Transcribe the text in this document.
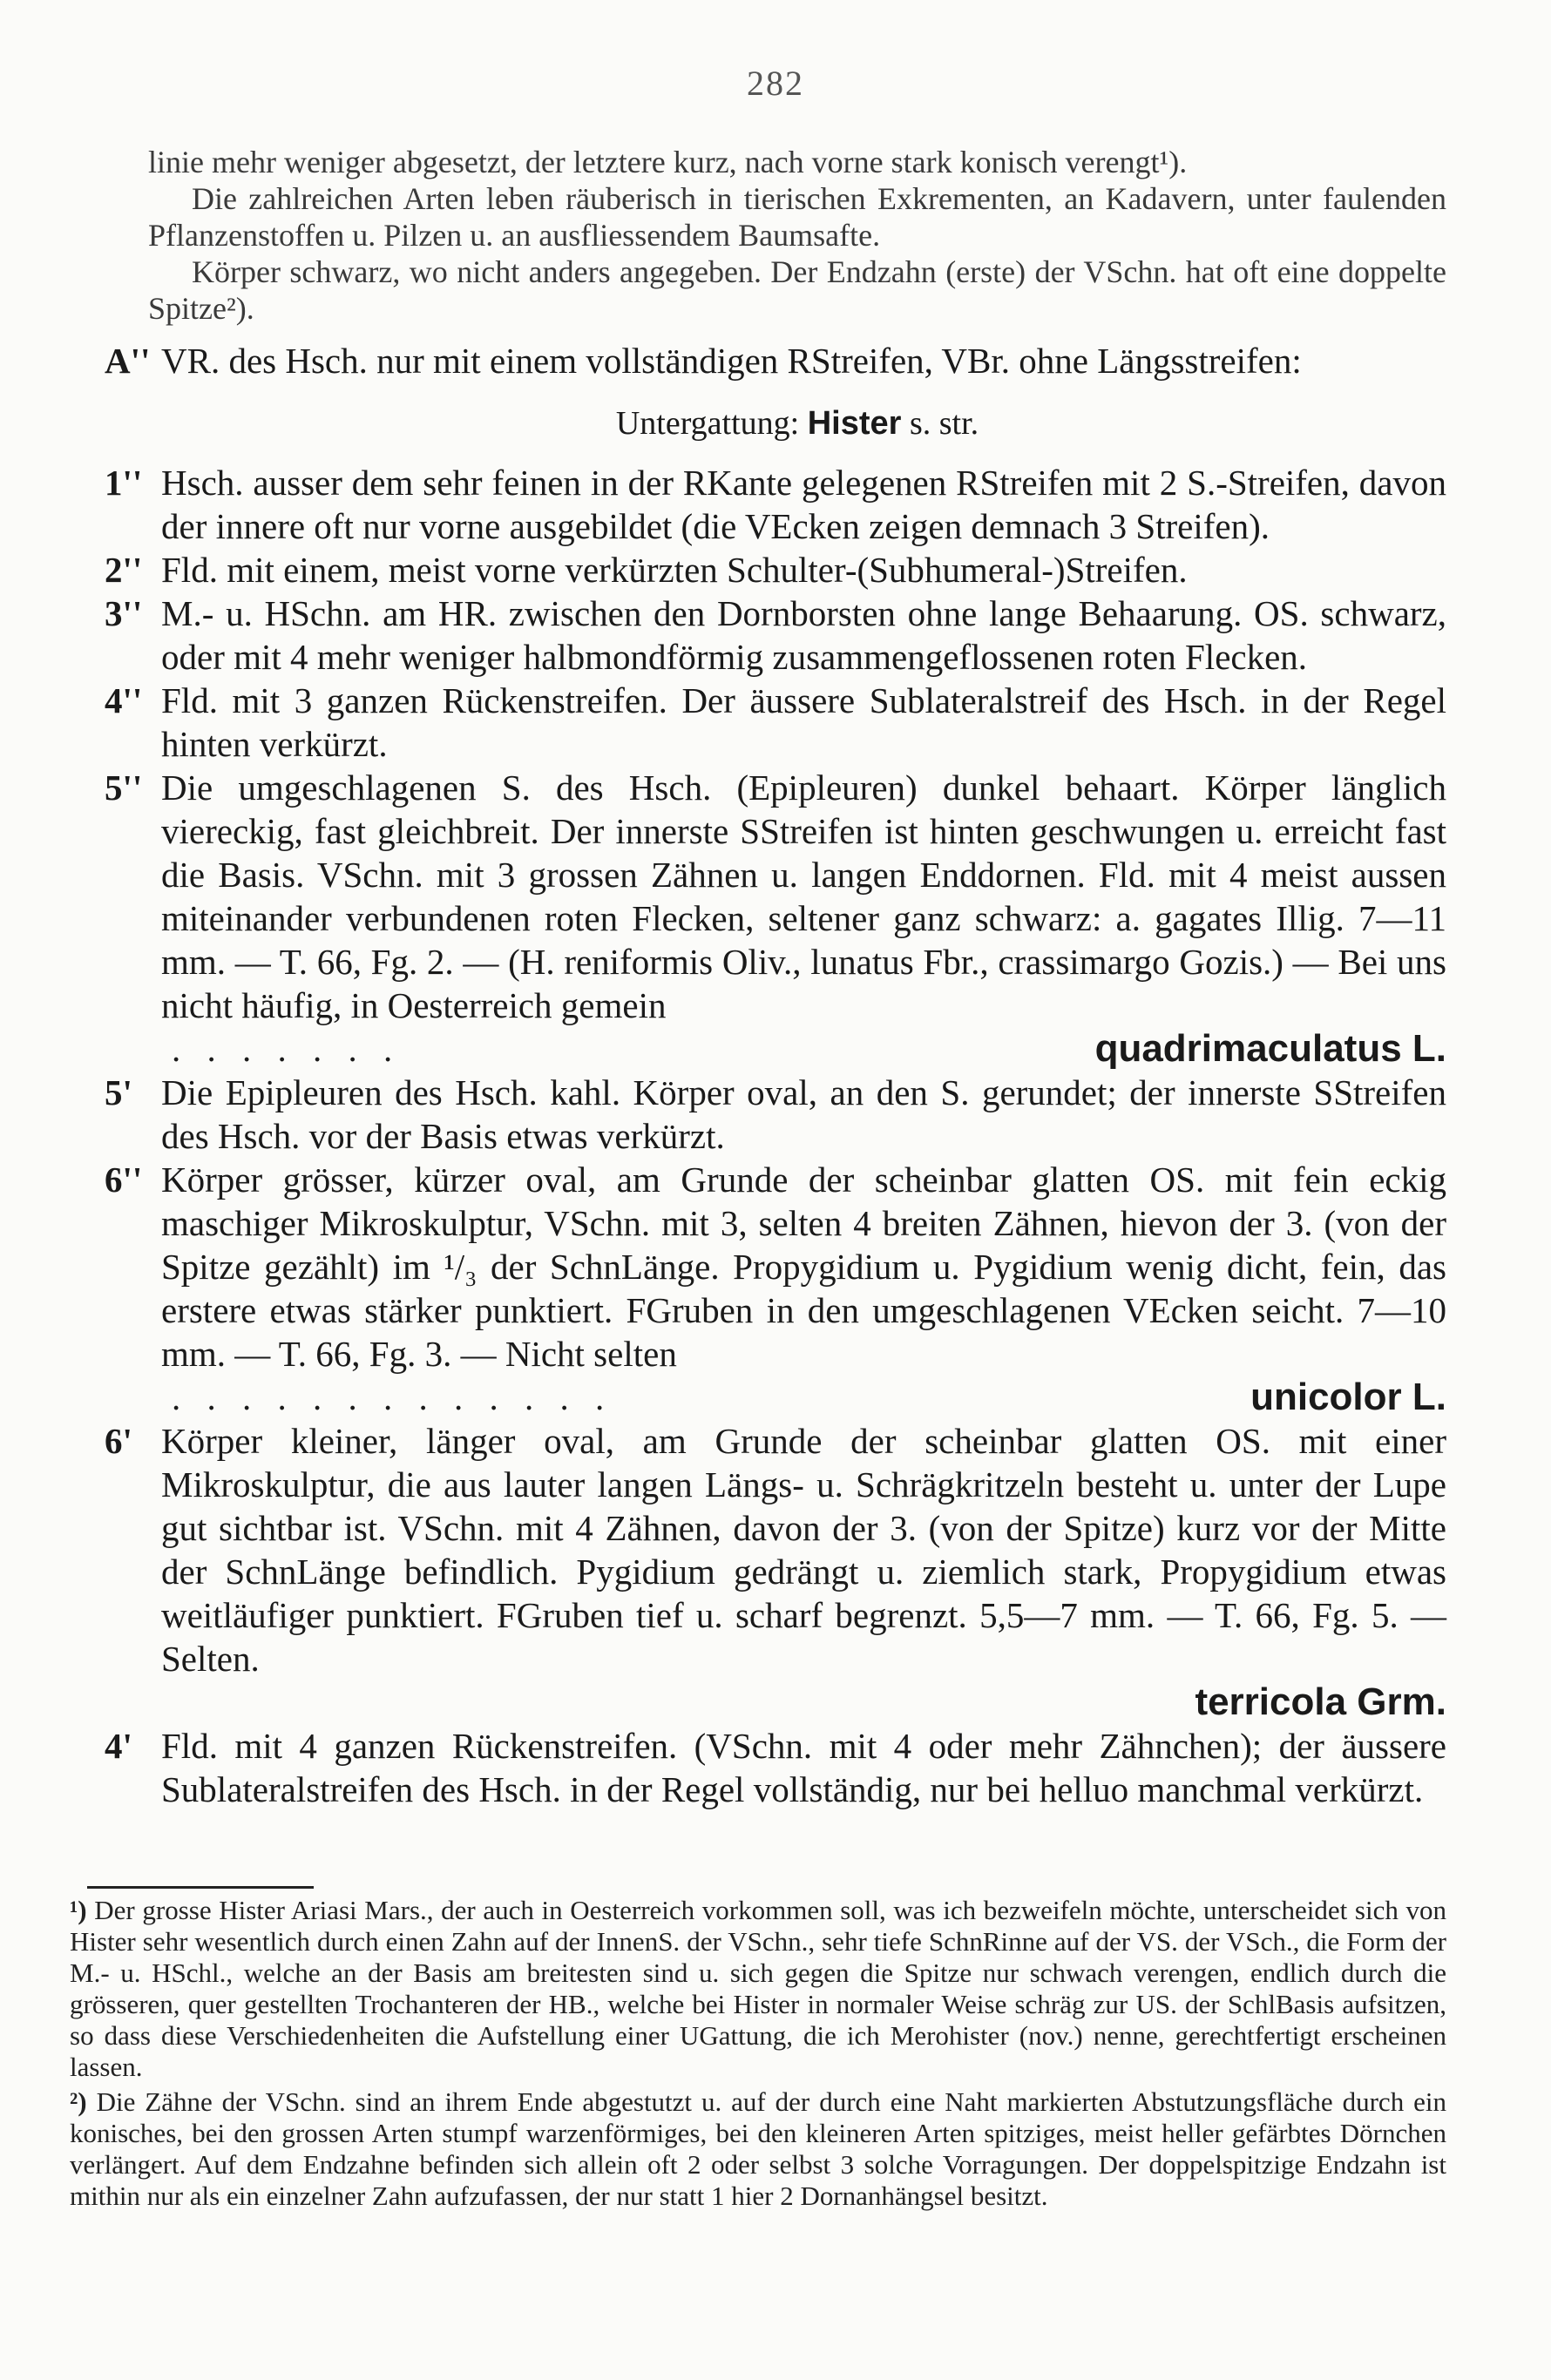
282

linie mehr weniger abgesetzt, der letztere kurz, nach vorne stark konisch verengt¹).

Die zahlreichen Arten leben räuberisch in tierischen Exkrementen, an Kadavern, unter faulenden Pflanzenstoffen u. Pilzen u. an ausfliessendem Baumsafte.

Körper schwarz, wo nicht anders angegeben. Der Endzahn (erste) der VSchn. hat oft eine doppelte Spitze²).

A'' VR. des Hsch. nur mit einem vollständigen RStreifen, VBr. ohne Längsstreifen:

Untergattung: Hister s. str.

1'' Hsch. ausser dem sehr feinen in der RKante gelegenen RStreifen mit 2 S.-Streifen, davon der innere oft nur vorne ausgebildet (die VEcken zeigen demnach 3 Streifen).

2'' Fld. mit einem, meist vorne verkürzten Schulter-(Subhumeral-)Streifen.

3'' M.- u. HSchn. am HR. zwischen den Dornborsten ohne lange Behaarung. OS. schwarz, oder mit 4 mehr weniger halbmondförmig zusammengeflossenen roten Flecken.

4'' Fld. mit 3 ganzen Rückenstreifen. Der äussere Sublateralstreif des Hsch. in der Regel hinten verkürzt.

5'' Die umgeschlagenen S. des Hsch. (Epipleuren) dunkel behaart. Körper länglich viereckig, fast gleichbreit. Der innerste SStreifen ist hinten geschwungen u. erreicht fast die Basis. VSchn. mit 3 grossen Zähnen u. langen Enddornen. Fld. mit 4 meist aussen miteinander verbundenen roten Flecken, seltener ganz schwarz: a. gagates Illig. 7—11 mm. — T. 66, Fg. 2. — (H. reniformis Oliv., lunatus Fbr., crassimargo Gozis.) — Bei uns nicht häufig, in Oesterreich gemein

. . . . . . .	quadrimaculatus L.

5' Die Epipleuren des Hsch. kahl. Körper oval, an den S. gerundet; der innerste SStreifen des Hsch. vor der Basis etwas verkürzt.

6'' Körper grösser, kürzer oval, am Grunde der scheinbar glatten OS. mit fein eckig maschiger Mikroskulptur, VSchn. mit 3, selten 4 breiten Zähnen, hievon der 3. (von der Spitze gezählt) im ¹/₃ der SchnLänge. Propygidium u. Pygidium wenig dicht, fein, das erstere etwas stärker punktiert. FGruben in den umgeschlagenen VEcken seicht. 7—10 mm. — T. 66, Fg. 3. — Nicht selten

. . . . . . . . . . . . .	unicolor L.

6' Körper kleiner, länger oval, am Grunde der scheinbar glatten OS. mit einer Mikroskulptur, die aus lauter langen Längs- u. Schrägkritzeln besteht u. unter der Lupe gut sichtbar ist. VSchn. mit 4 Zähnen, davon der 3. (von der Spitze) kurz vor der Mitte der SchnLänge befindlich. Pygidium gedrängt u. ziemlich stark, Propygidium etwas weitläufiger punktiert. FGruben tief u. scharf begrenzt. 5,5—7 mm. — T. 66, Fg. 5. — Selten.

terricola Grm.

4' Fld. mit 4 ganzen Rückenstreifen. (VSchn. mit 4 oder mehr Zähnchen); der äussere Sublateralstreifen des Hsch. in der Regel vollständig, nur bei helluo manchmal verkürzt.

¹) Der grosse Hister Ariasi Mars., der auch in Oesterreich vorkommen soll, was ich bezweifeln möchte, unterscheidet sich von Hister sehr wesentlich durch einen Zahn auf der InnenS. der VSchn., sehr tiefe SchnRinne auf der VS. der VSch., die Form der M.- u. HSchl., welche an der Basis am breitesten sind u. sich gegen die Spitze nur schwach verengen, endlich durch die grösseren, quer gestellten Trochanteren der HB., welche bei Hister in normaler Weise schräg zur US. der SchlBasis aufsitzen, so dass diese Verschiedenheiten die Aufstellung einer UGattung, die ich Merohister (nov.) nenne, gerechtfertigt erscheinen lassen.

²) Die Zähne der VSchn. sind an ihrem Ende abgestutzt u. auf der durch eine Naht markierten Abstutzungsfläche durch ein konisches, bei den grossen Arten stumpf warzenförmiges, bei den kleineren Arten spitziges, meist heller gefärbtes Dörnchen verlängert. Auf dem Endzahne befinden sich allein oft 2 oder selbst 3 solche Vorragungen. Der doppelspitzige Endzahn ist mithin nur als ein einzelner Zahn aufzufassen, der nur statt 1 hier 2 Dornanhängsel besitzt.
